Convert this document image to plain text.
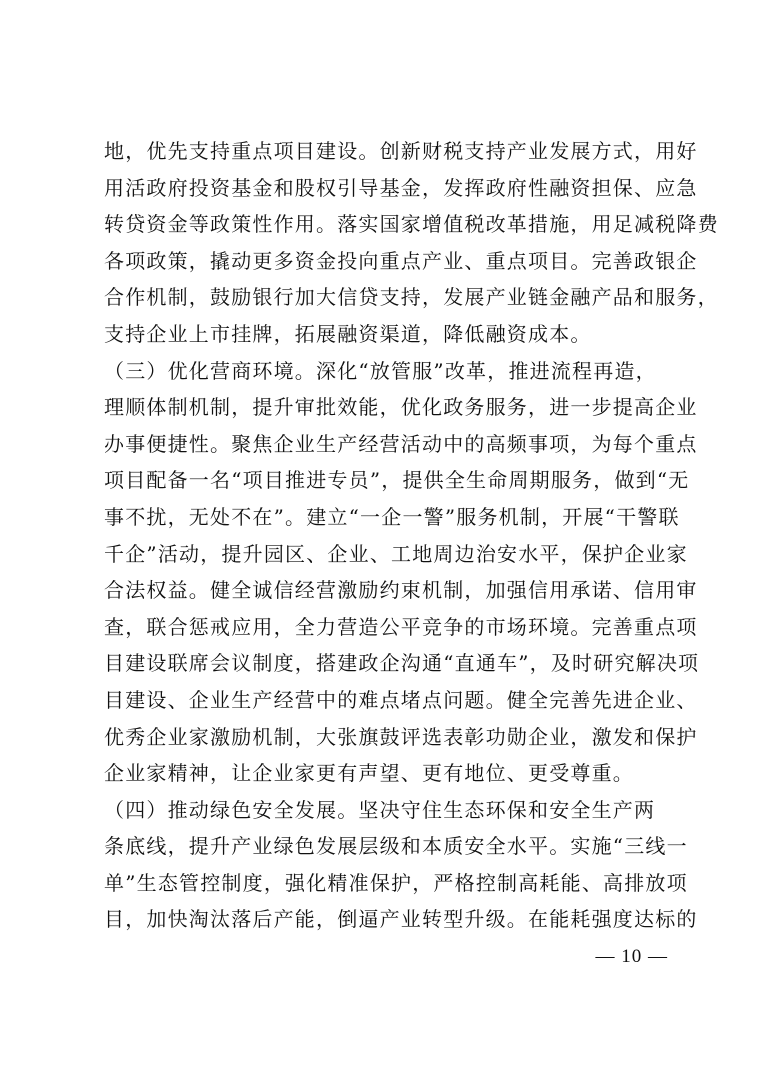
地，优先支持重点项目建设。创新财税支持产业发展方式，用好
用活政府投资基金和股权引导基金，发挥政府性融资担保、应急
转贷资金等政策性作用。落实国家增值税改革措施，用足减税降费
各项政策，撬动更多资金投向重点产业、重点项目。完善政银企
合作机制，鼓励银行加大信贷支持，发展产业链金融产品和服务，
支持企业上市挂牌，拓展融资渠道，降低融资成本。
（三）优化营商环境。深化“放管服”改革，推进流程再造，
理顺体制机制，提升审批效能，优化政务服务，进一步提高企业
办事便捷性。聚焦企业生产经营活动中的高频事项，为每个重点
项目配备一名“项目推进专员”，提供全生命周期服务，做到“无
事不扰，无处不在”。建立“一企一警”服务机制，开展“干警联
千企”活动，提升园区、企业、工地周边治安水平，保护企业家
合法权益。健全诚信经营激励约束机制，加强信用承诺、信用审
查，联合惩戒应用，全力营造公平竞争的市场环境。完善重点项
目建设联席会议制度，搭建政企沟通“直通车”，及时研究解决项
目建设、企业生产经营中的难点堵点问题。健全完善先进企业、
优秀企业家激励机制，大张旗鼓评选表彰功勋企业，激发和保护
企业家精神，让企业家更有声望、更有地位、更受尊重。
（四）推动绿色安全发展。坚决守住生态环保和安全生产两
条底线，提升产业绿色发展层级和本质安全水平。实施“三线一
单”生态管控制度，强化精准保护，严格控制高耗能、高排放项
目，加快淘汰落后产能，倒逼产业转型升级。在能耗强度达标的
— 10 —
